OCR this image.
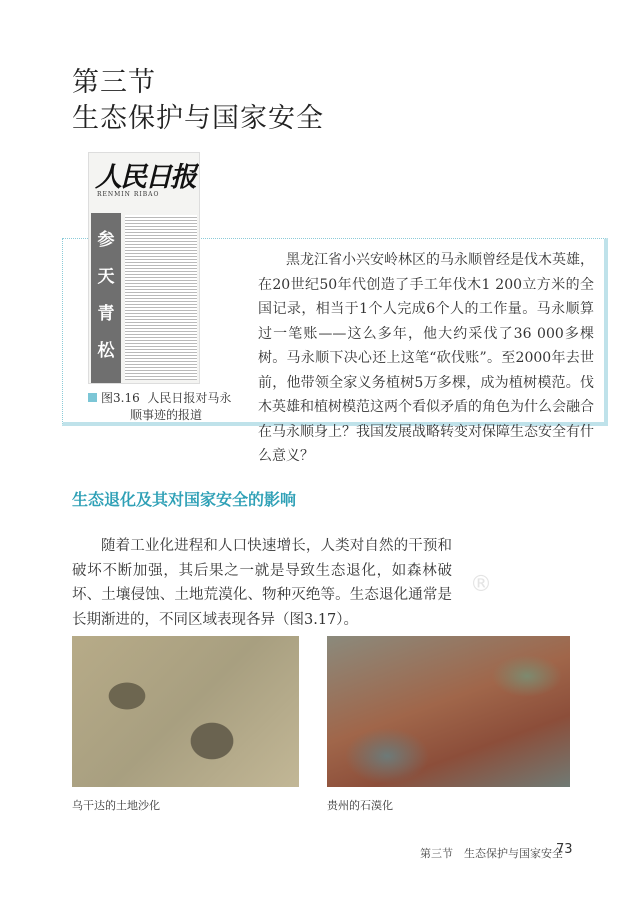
第三节
生态保护与国家安全
人民日报
RENMIN RIBAO
参
天
青
松
图3.16 人民日报对马永
顺事迹的报道

黑龙江省小兴安岭林区的马永顺曾经是伐木英雄，在20世纪50年代创造了手工年伐木1 200立方米的全国记录，相当于1个人完成6个人的工作量。马永顺算过一笔账——这么多年，他大约采伐了36 000多棵树。马永顺下决心还上这笔“砍伐账”。至2000年去世前，他带领全家义务植树5万多棵，成为植树模范。伐木英雄和植树模范这两个看似矛盾的角色为什么会融合在马永顺身上？我国发展战略转变对保障生态安全有什么意义？

生态退化及其对国家安全的影响
®

随着工业化进程和人口快速增长，人类对自然的干预和破坏不断加强，其后果之一就是导致生态退化，如森林破坏、土壤侵蚀、土地荒漠化、物种灭绝等。生态退化通常是长期渐进的，不同区域表现各异（图3.17）。

乌干达的土地沙化	贵州的石漠化
第三节　生态保护与国家安全
73
